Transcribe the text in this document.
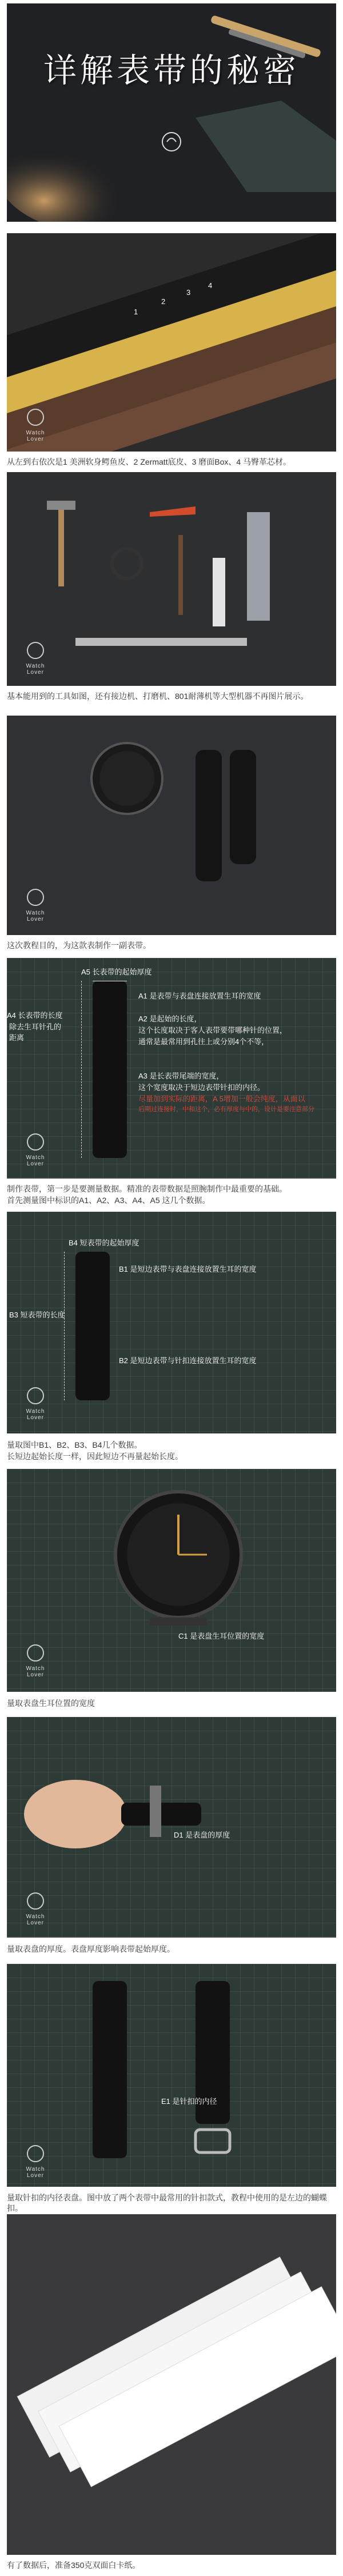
详解表带的秘密
1
2
3
4
Watch Lover
从左到右依次是1 美洲软身鳄鱼皮、2 Zermatt底皮、3 磨面Box、4 马臀革芯材。
Watch Lover
基本能用到的工具如图，还有接边机、打磨机、801耐薄机等大型机器不再图片展示。
Watch Lover
这次教程目的，为这款表制作一副表带。
A5 长表带的起始厚度
A4 长表带的长度
除去生耳针孔的距离
A1 是表带与表盘连接放置生耳的宽度
A2 是起始的长度，
这个长度取决于客人表带要带哪种针的位置，
通常是最常用到孔往上或分别4个不等，
A3 是长表带尾端的宽度，
这个宽度取决于短边表带针扣的内径。
尽量加到实际的距离，A 5增加一般会纯度，从面以
后期过连接时，中和这个，必有厚度与中的，设计是要注意部分
Watch Lover
制作表带，第一步是要测量数据。精准的表带数据是照腕制作中最重要的基础。
首先测量图中标识的A1、A2、A3、A4、A5 这几个数据。
B4 短表带的起始厚度
B3 短表带的长度
B1 是短边表带与表盘连接放置生耳的宽度
B2 是短边表带与针扣连接放置生耳的宽度
Watch Lover
量取图中B1、B2、B3、B4几个数据。
长短边起始长度一样，因此短边不再量起始长度。
C1 是表盘生耳位置的宽度
Watch Lover
量取表盘生耳位置的宽度
D1 是表盘的厚度
Watch Lover
量取表盘的厚度。表盘厚度影响表带起始厚度。
E1 是针扣的内径
Watch Lover
量取针扣的内径表盘。图中放了两个表带中最常用的针扣款式，教程中使用的是左边的蝴蝶扣。
有了数据后，准备350克双面白卡纸。
